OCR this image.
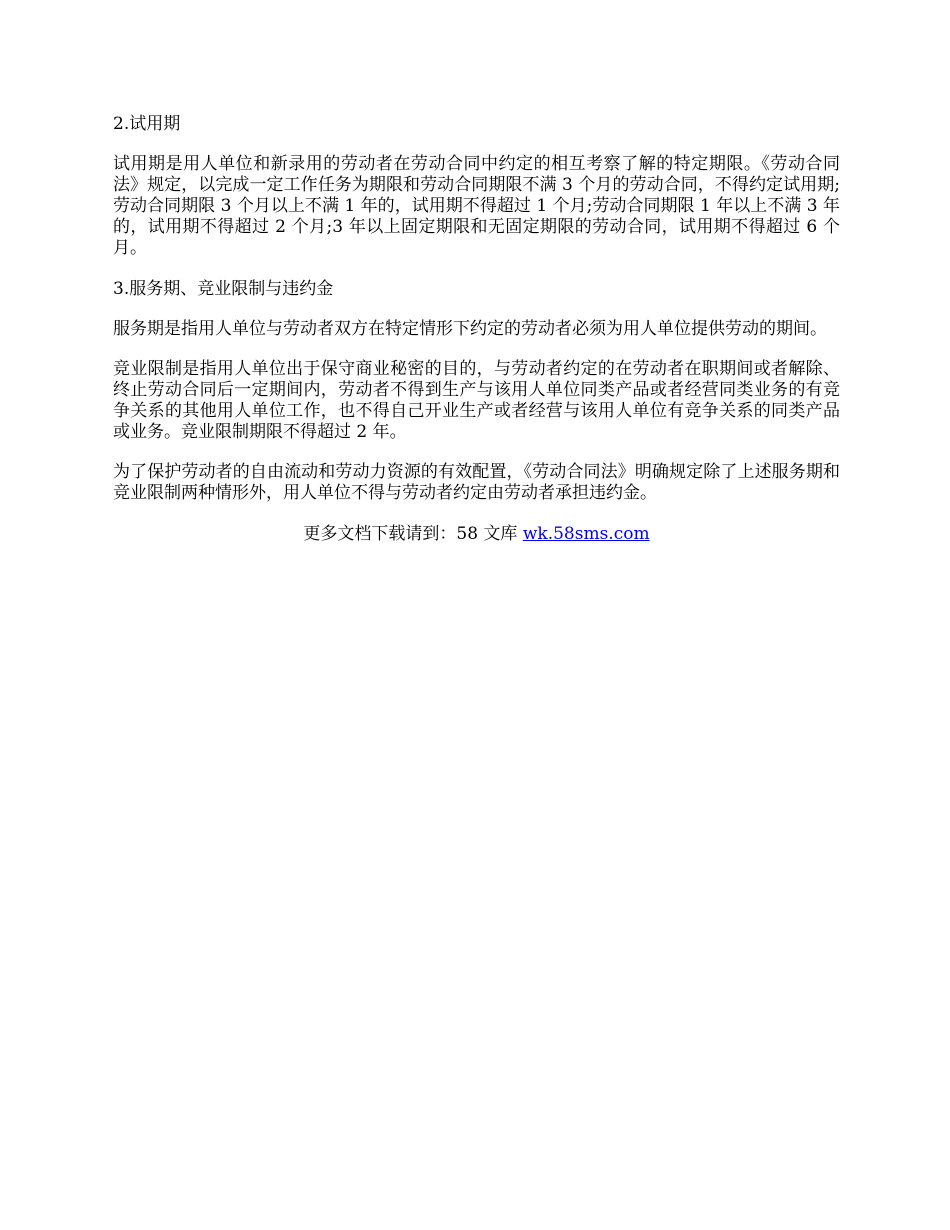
2.试用期

试用期是用人单位和新录用的劳动者在劳动合同中约定的相互考察了解的特定期限。《劳动合同法》规定，以完成一定工作任务为期限和劳动合同期限不满 3 个月的劳动合同，不得约定试用期;劳动合同期限 3 个月以上不满 1 年的，试用期不得超过 1 个月;劳动合同期限 1 年以上不满 3 年的，试用期不得超过 2 个月;3 年以上固定期限和无固定期限的劳动合同，试用期不得超过 6 个月。

3.服务期、竞业限制与违约金

服务期是指用人单位与劳动者双方在特定情形下约定的劳动者必须为用人单位提供劳动的期间。

竞业限制是指用人单位出于保守商业秘密的目的，与劳动者约定的在劳动者在职期间或者解除、终止劳动合同后一定期间内，劳动者不得到生产与该用人单位同类产品或者经营同类业务的有竞争关系的其他用人单位工作，也不得自己开业生产或者经营与该用人单位有竞争关系的同类产品或业务。竞业限制期限不得超过 2 年。

为了保护劳动者的自由流动和劳动力资源的有效配置，《劳动合同法》明确规定除了上述服务期和竞业限制两种情形外，用人单位不得与劳动者约定由劳动者承担违约金。

更多文档下载请到：58 文库 wk.58sms.com
